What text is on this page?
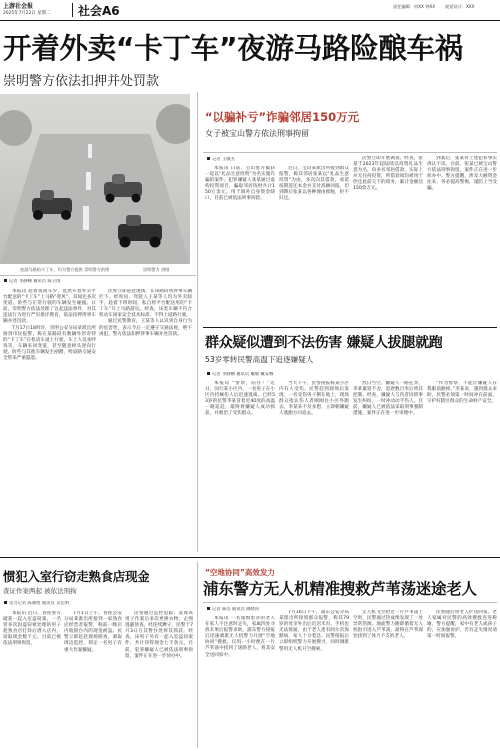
上游社会报
2025年7月22日 星期二 社会A6	责任编辑：何XX 钟XX 视觉设计：XXX
开着外卖“卡丁车”夜游马路险酿车祸
崇明警方依法扣押并处罚款
夜游马路的卡丁车，均为警方提供 崇明警方供图	崇明警方 供图
记者 李静娴 通讯员 陈卫国

本报讯 趁着夜间车少，竟然开着外卖平台配送的“卡丁车”上马路“兜风”，其间还多次变道、险些与正常行驶的车辆发生碰撞。日前，崇明警方依法处理了这起违法事件，对其违法行为进行严厉批评教育，依法扣押涉事车辆并处罚款。

7月17日18时许，崇明公安分局某派出所接到市民报警，称在某路段有数辆外形奇特的“卡丁车”在机动车道上行驶，车上人员欢呼说笑，车辆来回变道，甚至随意掉头逆向行驶，险些与其他车辆发生剐蹭，给道路交通安全带来严重隐患。

民警立即赶赴现场，在该路段将涉事车辆拦下。经询问，驾驶人王某等人均为外卖骑手，趁着下班时间，私自将平台配送用的“卡丁车”开上马路游玩。经查，该类车辆不符合机动车国家安全技术标准，不得上道路行驶。

通过民警教育，王某等人认识到自身行为的危害性，表示今后一定遵守交通法规，绝不再犯。警方依法扣押涉事车辆并处罚款。

“以骗补亏”诈骗邻居150万元
女子被宝山警方依法刑事拘留
记者 王敏杰

本报讯 日前，宝山警方破获一起以“礼品生意投资”为名实施诈骗的案件，犯罪嫌疑人张某通过虚构投资项目，骗取邻居钱财共计150万余元，用于填补自身资金缺口，目前已被依法刑事拘留。

近日，宝山某派出所接到群众报警，称其邻居张某以“礼品生意投资”为由，多次向其借款，承诺按期返还本金并支付高额回报，但到期后张某以各种理由推脱，拒不归还。

民警立即开展调查。经查，张某于2023年起陆续以投资礼品生意为名，向多名邻居借款，实际上并无任何投资，所借款项均被用于偿还此前欠下的债务，累计金额达150余万元。

到案后，张某对上述犯罪事实供认不讳。目前，张某已被宝山警方依法刑事拘留，案件正在进一步侦办中。警方提醒，涉及大额资金往来，务必提高警惕，谨防上当受骗。

群众疑似遭到不法伤害 嫌疑人拔腿就跑
53岁零转民警高温下追逐嫌疑人
记者 李静娴 通讯员 戴敏 戴安娜

本报讯 “警察，站住！”近日，闵行某小区内，一名男子在小区内持械伤人后迅速逃离，已经53岁的民警李某冒着近40度的高温一路追赶，最终将嫌疑人成功抓获，并救治了受伤群众。

当天下午，民警接报称某小区内有人受伤。民警赶到现场后发现，一名受伤男子倒在地上，现场群众指认伤人者刚刚往小区外跑去。李某来不及多想，立即朝嫌疑人逃跑方向追去。

烈日当空，嫌疑人一路狂奔，李某紧追不舍，追逐数百米后将其控制。经查，嫌疑人与伤者因琐事发生纠纷，一时冲动动手伤人。目前，嫌疑人已被依法采取刑事强制措施，案件正在进一步审理中。

“作为警察，不能让嫌疑人在我眼前跑掉。”李某说，遇到群众求助，民警必须第一时间冲在前面，守护好辖区群众的生命财产安全。

惯犯入室行窃走熟食店现金
查证作案两起 被依法刑拘
见习记者 陈晓煜 通讯员 吴佳明

本报讯 近日，普陀警方破获一起入室盗窃案，一名曾多次因盗窃被处理的男子趁熟食店打烊后潜入店内，窃取现金数千元，目前已被依法刑事拘留。

7月1日上午，普陀公安分局某派出所接到一家熟食店经营者报警，称前一晚店内收银台内的现金被盗。民警立即赶赴现场勘查，调取周边监控，锁定一名男子有重大作案嫌疑。

民警通过监控追踪，发现该男子作案后多次更换衣物，企图逃避侦查。经连续蹲守，民警于7月3日在其暂住处将其抓获。经查，该男子另有一起入室盗窃案件，共计窃得现金七千余元。目前，犯罪嫌疑人已被依法刑事拘留，案件正在进一步侦办中。

“空地协同”高效发力
浦东警方无人机精准搜救芦苇荡迷途老人
记者 陈浩 通讯员 陶晓涛

本报讯 一名谨慎患者的老人在家人不注意时走失，家属四处寻找未果后报警求助。浦东警方接报后迅速调派无人机警力开展“空地协同”搜救，仅用一小时便在一片芦苇荡中找到了迷路老人，将其安全送回家中。

7月16日下午，浦东公安分局某派出所接到群众报警，称其79岁的母亲外出后迟迟未归，手机也无法接通。由于老人患有阿尔茨海默病，家人十分着急。民警接报后立即组织警力开展搜寻，同时调派警用无人机升空搜索。

无人机飞至附近一片芦苇荡上空时，民警通过热成像发现了一处异常热源。地面警力随即循着无人机指引进入芦苇荡，最终在芦苇深处找到了体力不支的老人。

民警随后将老人护送回家。老人家属对民警的高效搜救连连称谢。警方提醒，家中有老人或孩子的，应加强看护，若有走失情况请第一时间报警。
